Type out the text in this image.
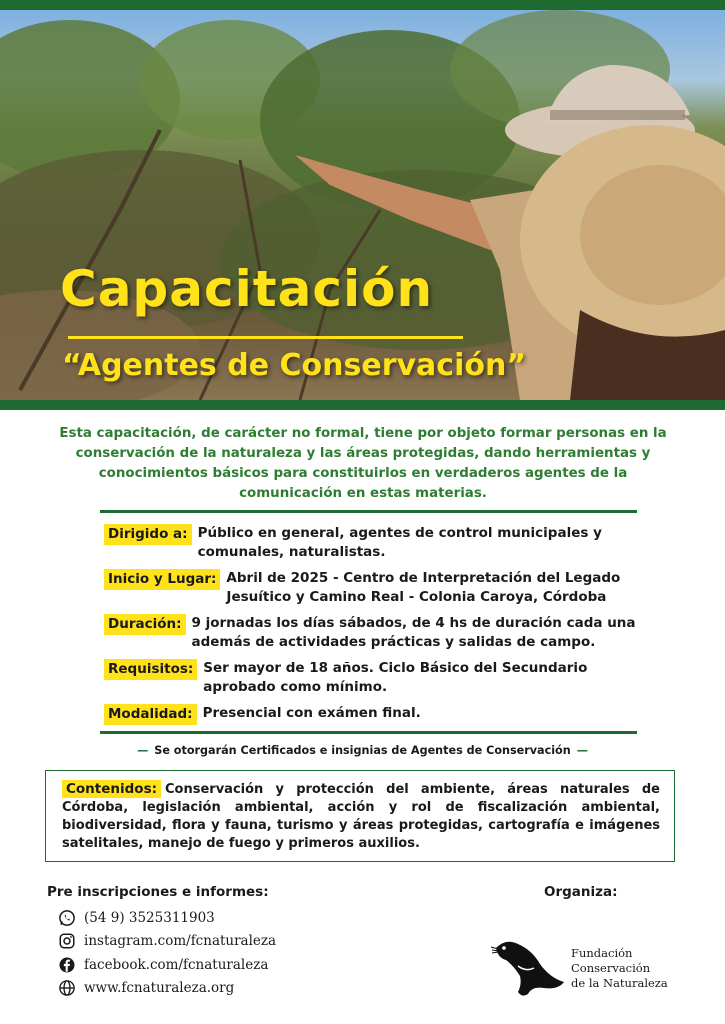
Capacitación
“Agentes de Conservación”

Esta capacitación, de carácter no formal, tiene por objeto formar personas en la conservación de la naturaleza y las áreas protegidas, dando herramientas y conocimientos básicos para constituirlos en verdaderos agentes de la comunicación en estas materias.

Dirigido a: Público en general, agentes de control municipales y comunales, naturalistas.
Inicio y Lugar: Abril de 2025 - Centro de Interpretación del Legado Jesuítico y Camino Real - Colonia Caroya, Córdoba
Duración: 9 jornadas los días sábados, de 4 hs de duración cada una además de actividades prácticas y salidas de campo.
Requisitos: Ser mayor de 18 años. Ciclo Básico del Secundario aprobado como mínimo.
Modalidad: Presencial con exámen final.
— Se otorgarán Certificados e insignias de Agentes de Conservación —

Contenidos: Conservación y protección del ambiente, áreas naturales de Córdoba, legislación ambiental, acción y rol de fiscalización ambiental, biodiversidad, flora y fauna, turismo y áreas protegidas, cartografía e imágenes satelitales, manejo de fuego y primeros auxilios.

Pre inscripciones e informes:

(54 9) 3525311903
instagram.com/fcnaturaleza
facebook.com/fcnaturaleza
www.fcnaturaleza.org

Organiza:

Fundación
Conservación
de la Naturaleza
